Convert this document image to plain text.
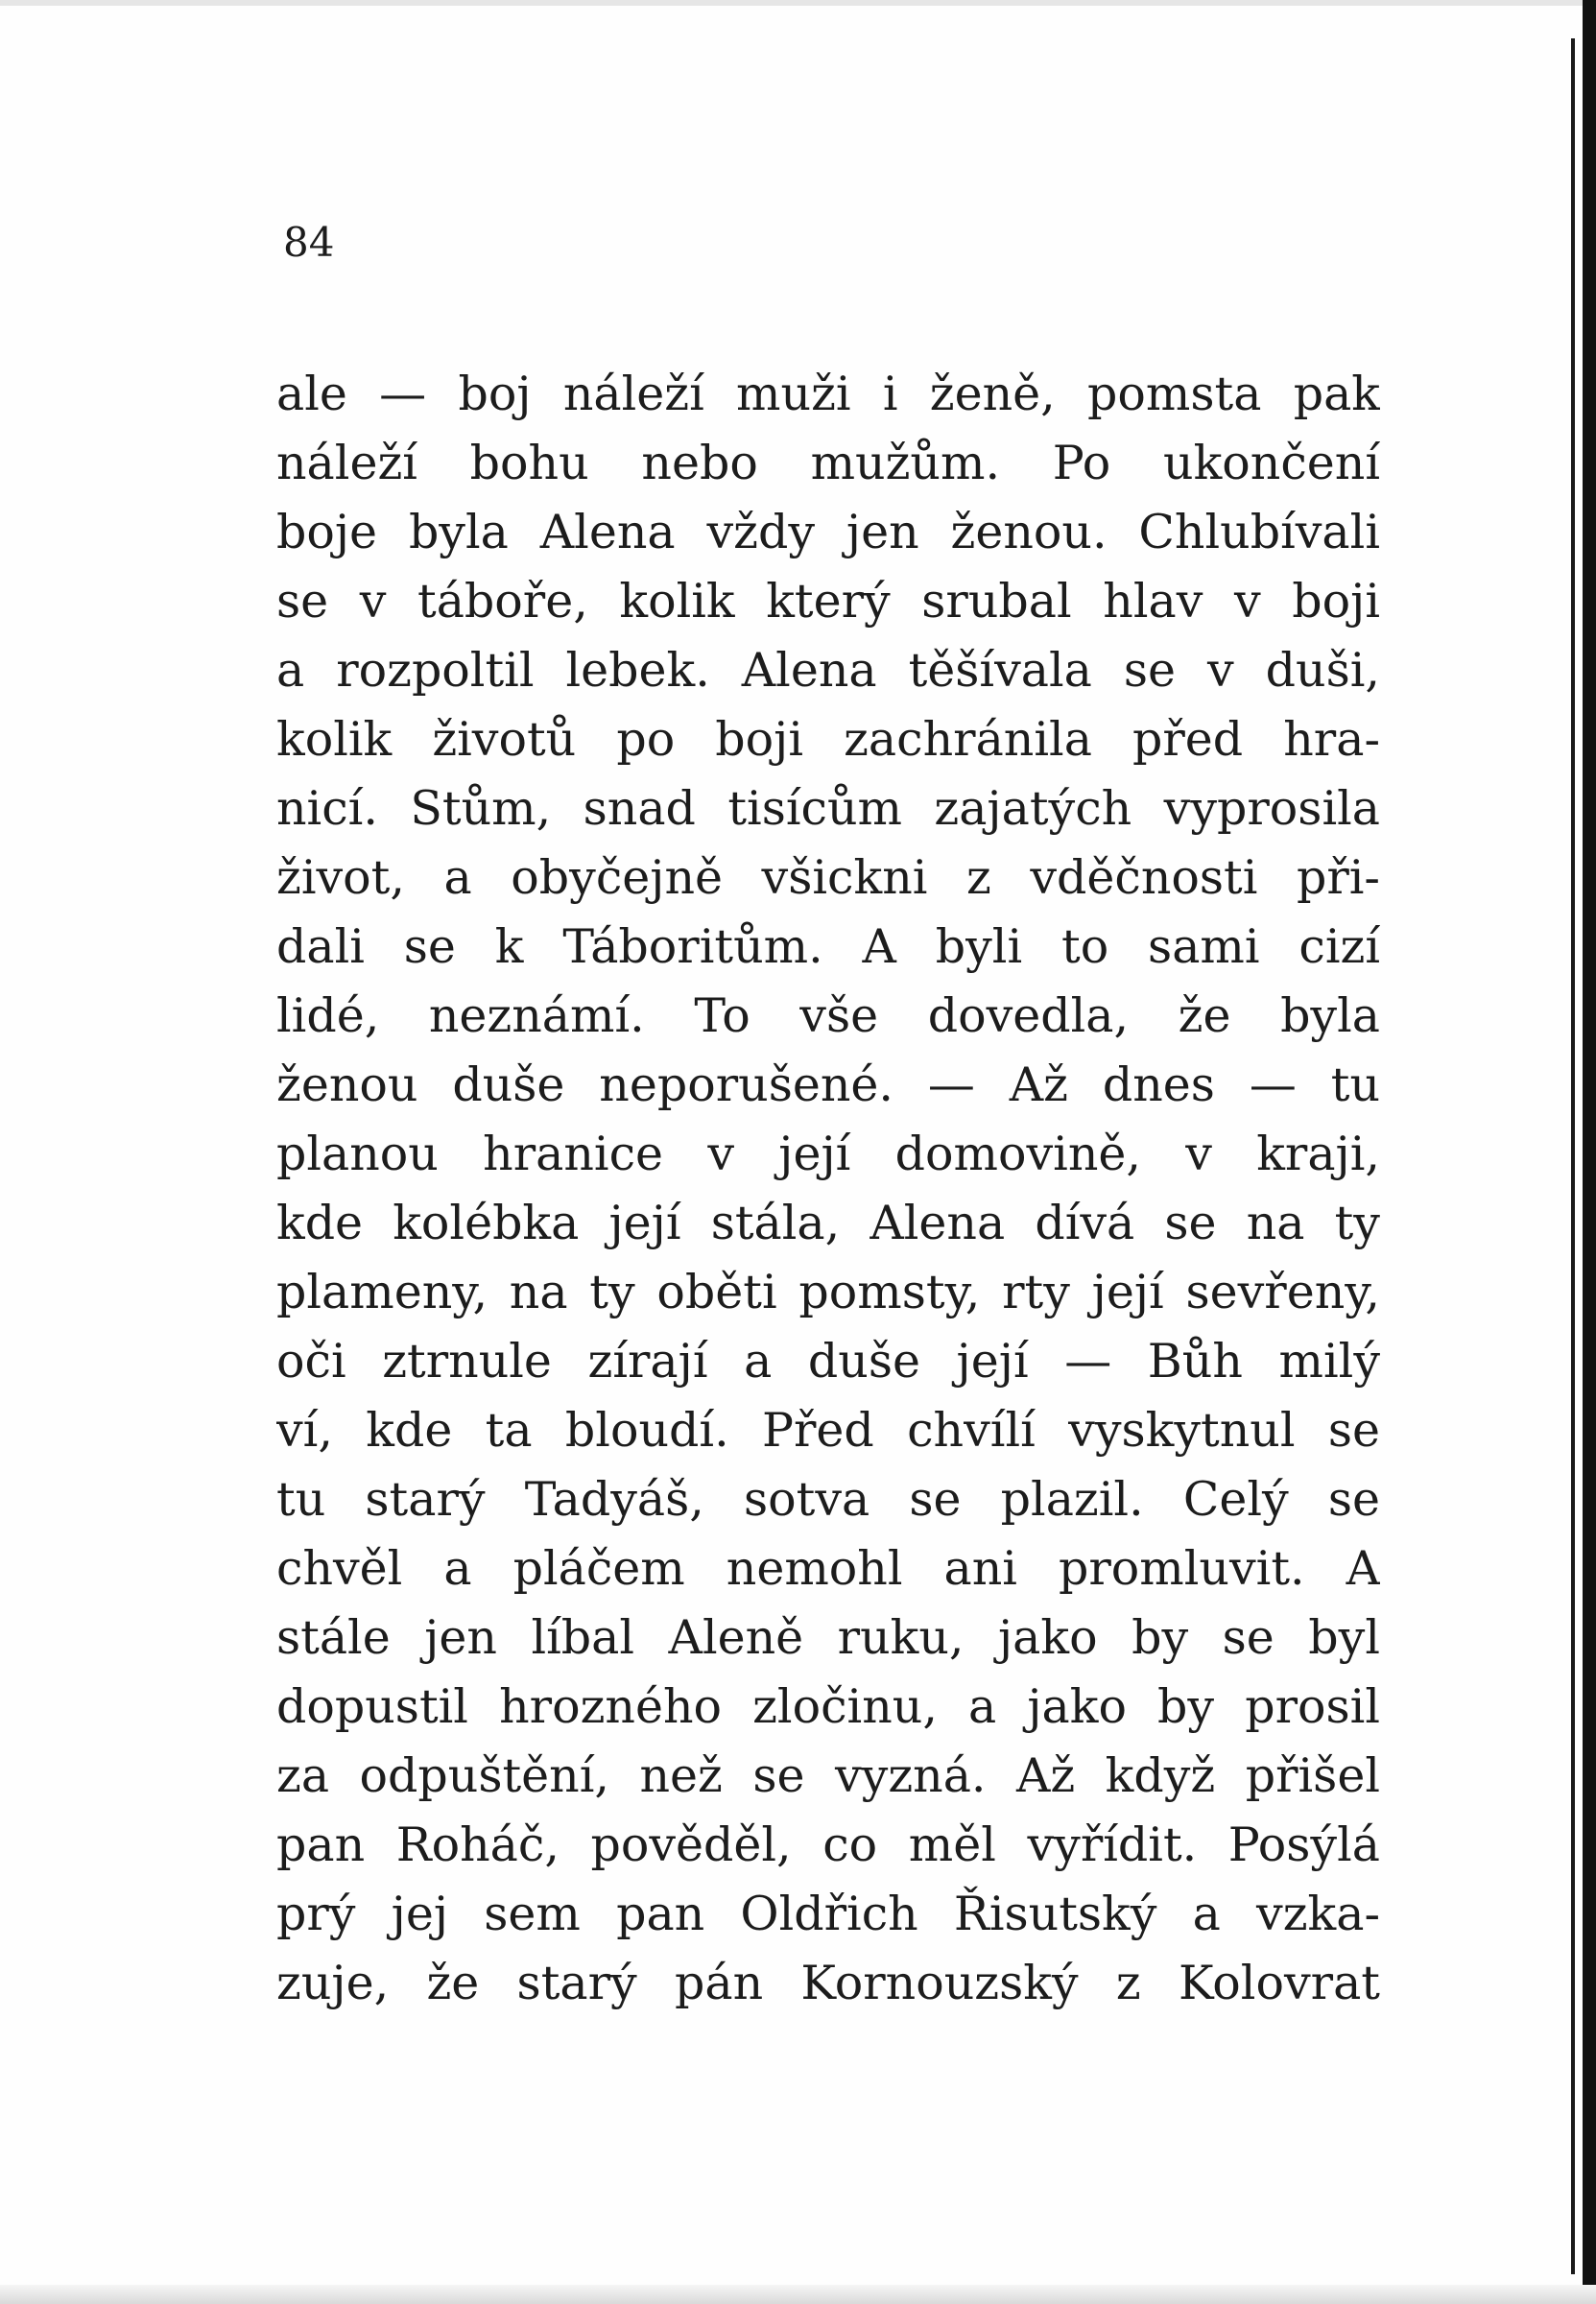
84
ale — boj náleží muži i ženě, pomsta pak
náleží bohu nebo mužům. Po ukončení
boje byla Alena vždy jen ženou. Chlubívali
se v táboře, kolik který srubal hlav v boji
a rozpoltil lebek. Alena těšívala se v duši,
kolik životů po boji zachránila před hra-
nicí. Stům, snad tisícům zajatých vyprosila
život, a obyčejně všickni z vděčnosti při-
dali se k Táboritům. A byli to sami cizí
lidé, neznámí. To vše dovedla, že byla
ženou duše neporušené. — Až dnes — tu
planou hranice v její domovině, v kraji,
kde kolébka její stála, Alena dívá se na ty
plameny, na ty oběti pomsty, rty její sevřeny,
oči ztrnule zírají a duše její — Bůh milý
ví, kde ta bloudí. Před chvílí vyskytnul se
tu starý Tadyáš, sotva se plazil. Celý se
chvěl a pláčem nemohl ani promluvit. A
stále jen líbal Aleně ruku, jako by se byl
dopustil hrozného zločinu, a jako by prosil
za odpuštění, než se vyzná. Až když přišel
pan Roháč, pověděl, co měl vyřídit. Posýlá
prý jej sem pan Oldřich Řisutský a vzka-
zuje, že starý pán Kornouzský z Kolovrat
